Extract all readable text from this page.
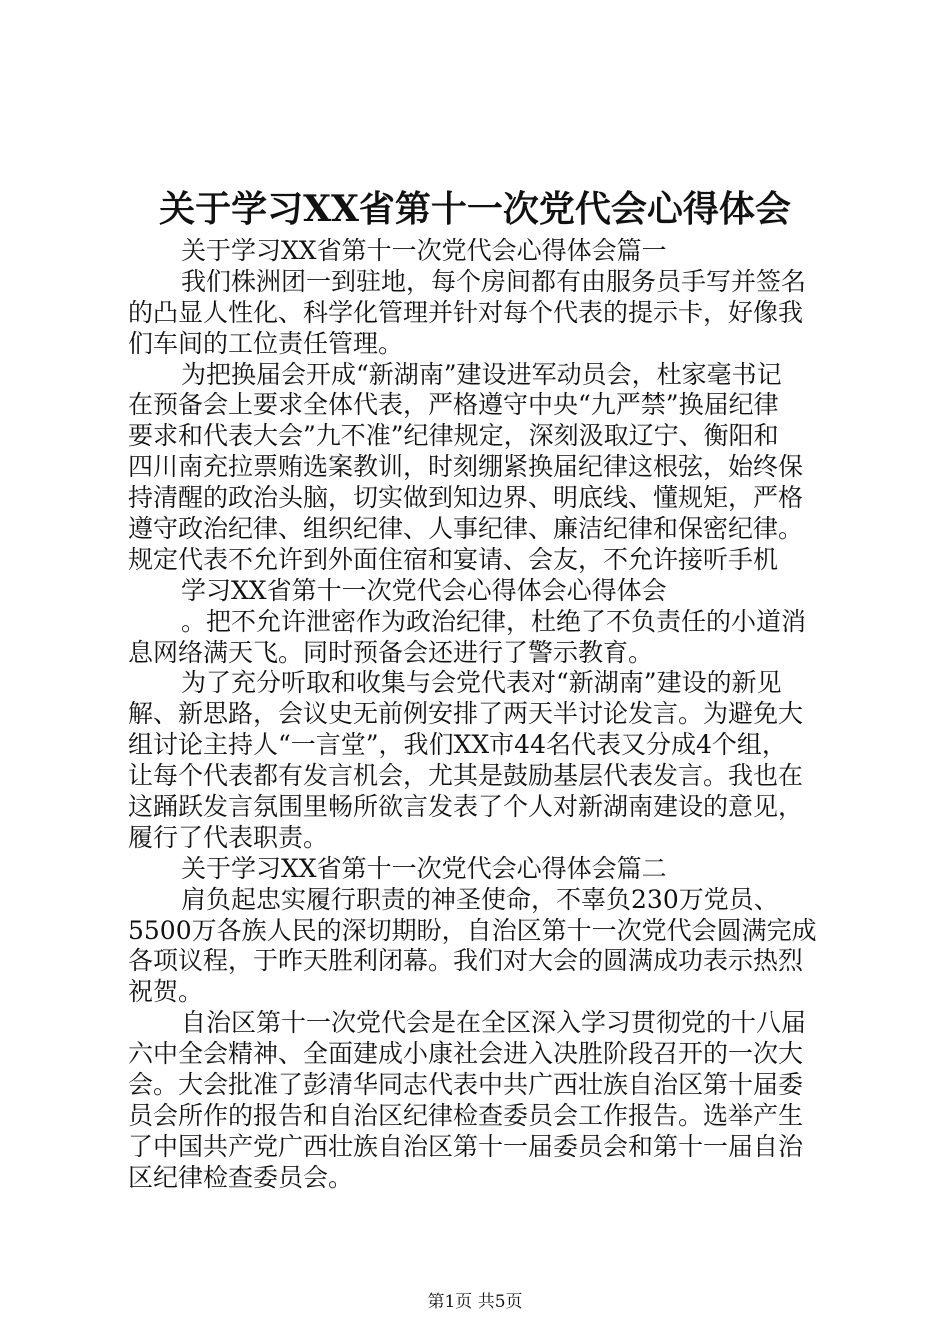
关于学习XX省第十一次党代会心得体会
关于学习XX省第十一次党代会心得体会篇一
我们株洲团一到驻地，每个房间都有由服务员手写并签名
的凸显人性化、科学化管理并针对每个代表的提示卡，好像我
们车间的工位责任管理。
为把换届会开成“新湖南”建设进军动员会，杜家毫书记
在预备会上要求全体代表，严格遵守中央“九严禁”换届纪律
要求和代表大会”九不准”纪律规定，深刻汲取辽宁、衡阳和
四川南充拉票贿选案教训，时刻绷紧换届纪律这根弦，始终保
持清醒的政治头脑，切实做到知边界、明底线、懂规矩，严格
遵守政治纪律、组织纪律、人事纪律、廉洁纪律和保密纪律。
规定代表不允许到外面住宿和宴请、会友，不允许接听手机
学习XX省第十一次党代会心得体会心得体会
。把不允许泄密作为政治纪律，杜绝了不负责任的小道消
息网络满天飞。同时预备会还进行了警示教育。
为了充分听取和收集与会党代表对“新湖南”建设的新见
解、新思路，会议史无前例安排了两天半讨论发言。为避免大
组讨论主持人“一言堂”，我们XX市44名代表又分成4个组，
让每个代表都有发言机会，尤其是鼓励基层代表发言。我也在
这踊跃发言氛围里畅所欲言发表了个人对新湖南建设的意见，
履行了代表职责。
关于学习XX省第十一次党代会心得体会篇二
肩负起忠实履行职责的神圣使命，不辜负230万党员、
5500万各族人民的深切期盼，自治区第十一次党代会圆满完成
各项议程，于昨天胜利闭幕。我们对大会的圆满成功表示热烈
祝贺。
自治区第十一次党代会是在全区深入学习贯彻党的十八届
六中全会精神、全面建成小康社会进入决胜阶段召开的一次大
会。大会批准了彭清华同志代表中共广西壮族自治区第十届委
员会所作的报告和自治区纪律检查委员会工作报告。选举产生
了中国共产党广西壮族自治区第十一届委员会和第十一届自治
区纪律检查委员会。
第1页 共5页
